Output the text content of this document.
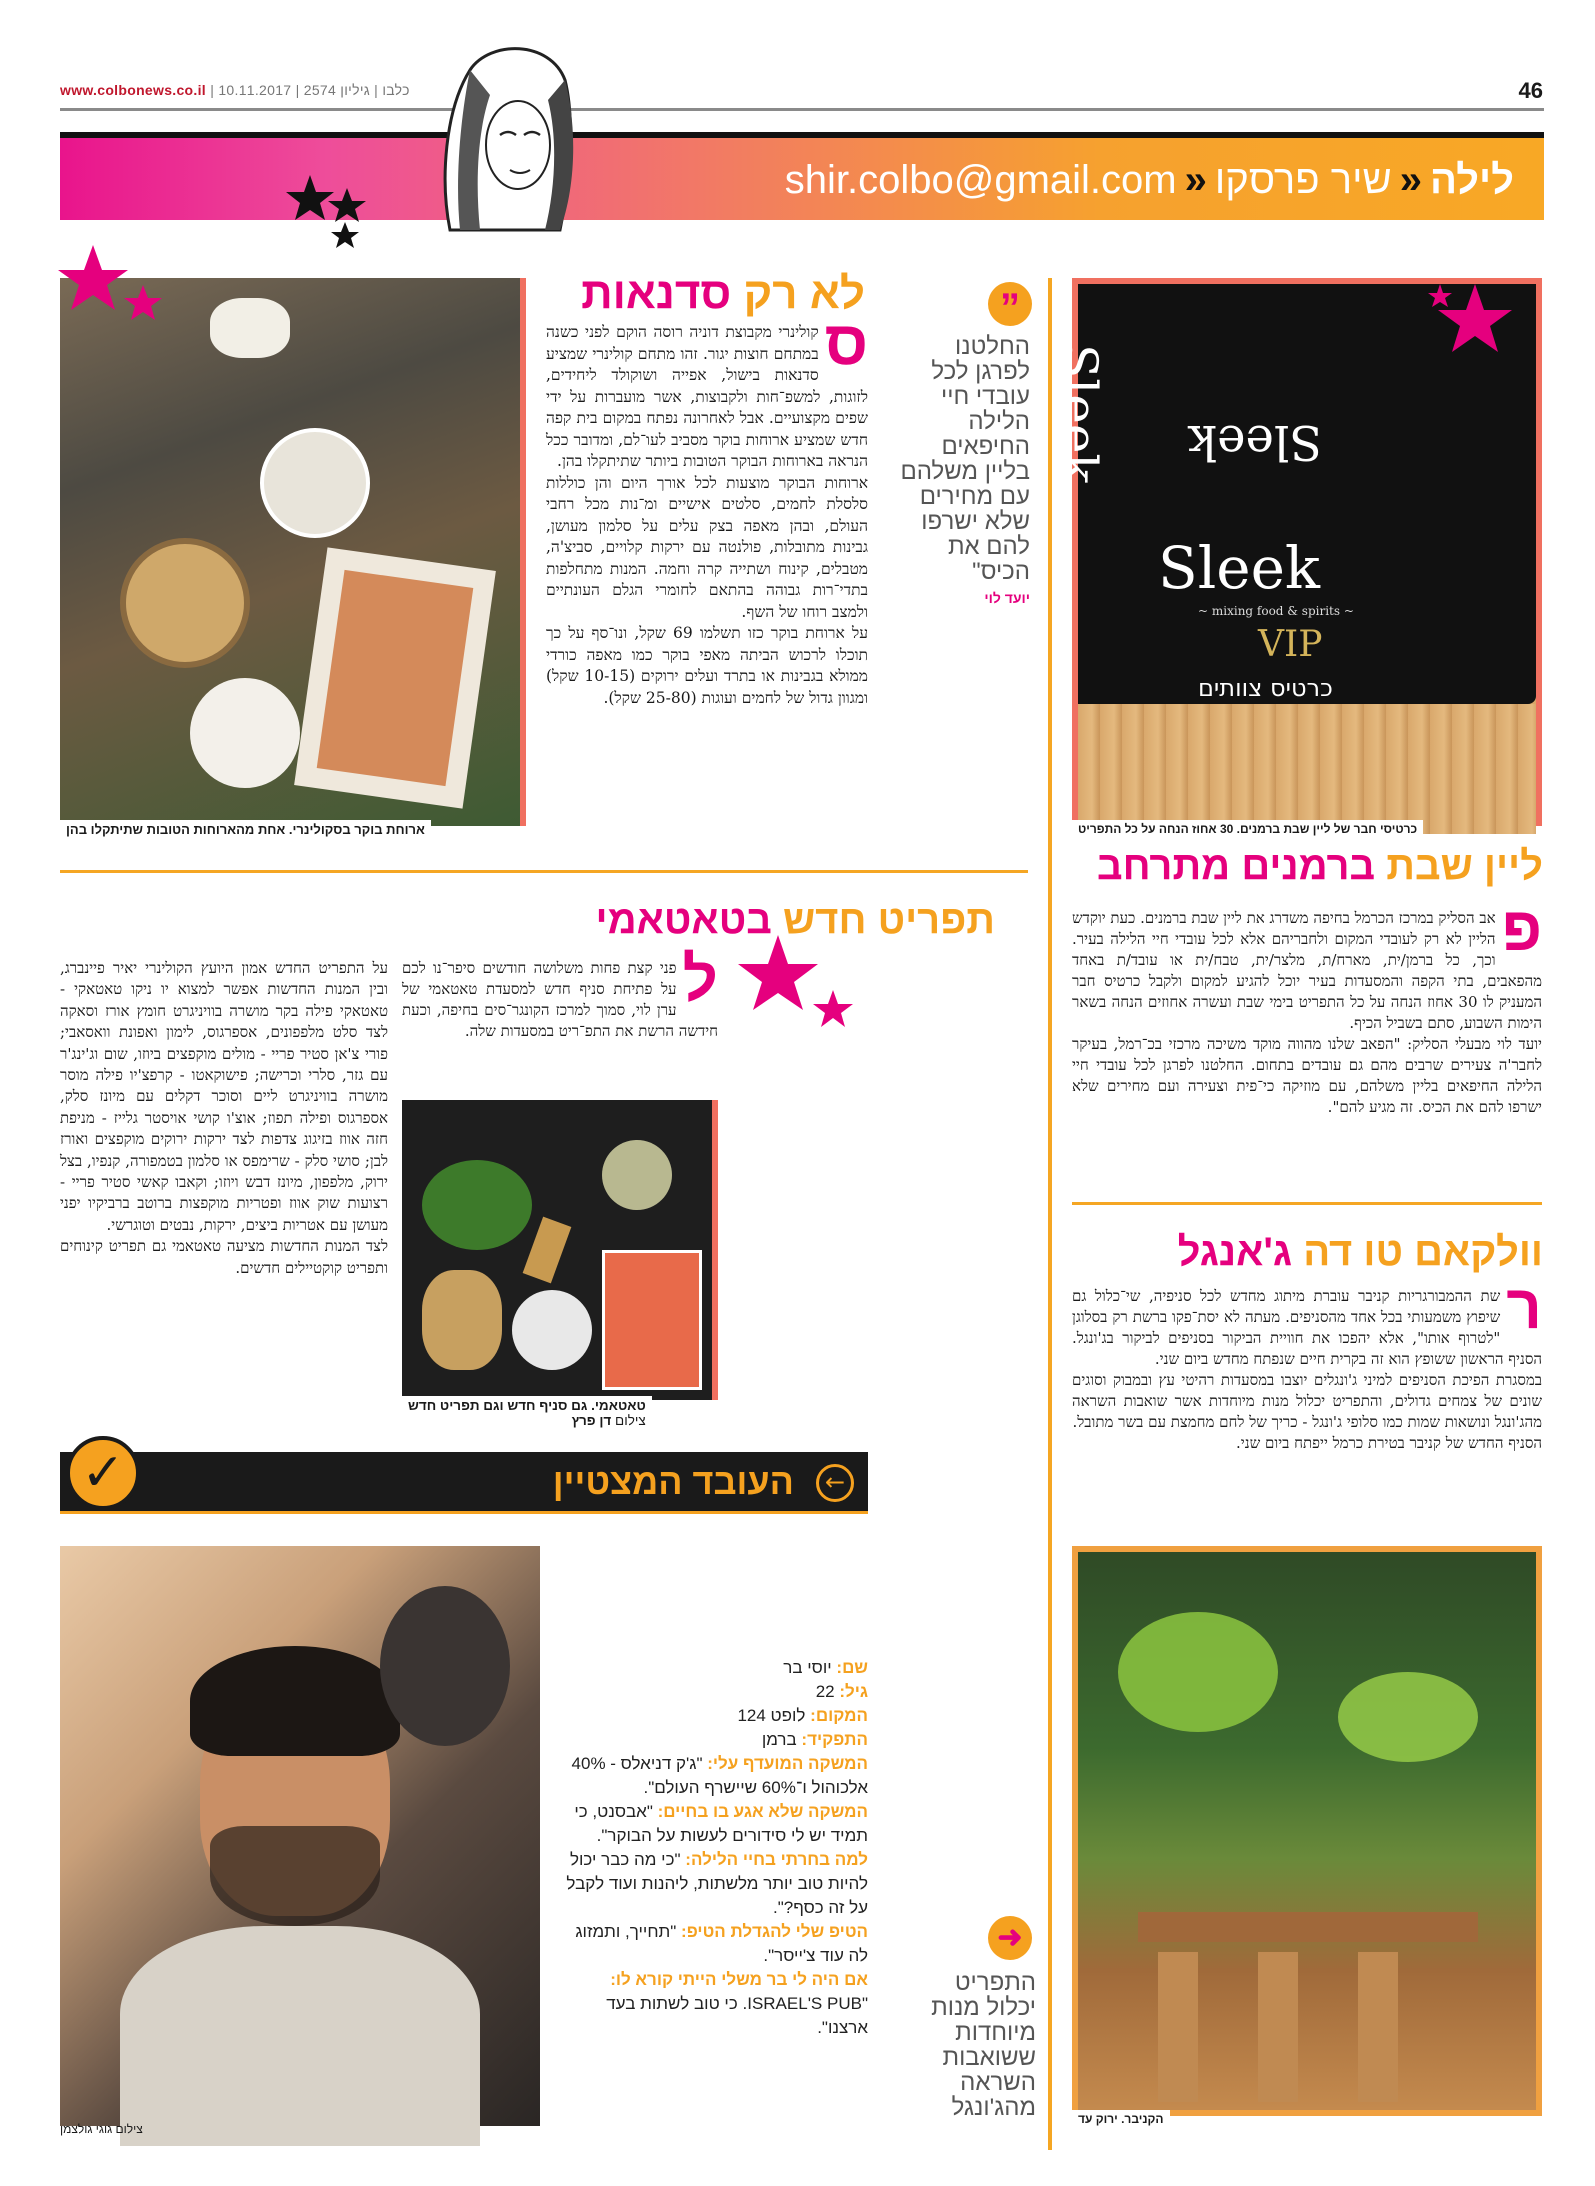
www.colbonews.co.il |	כלבו | גיליון 2574 | 10.11.2017	46
לילה«שיר פרסקו«shir.colbo@gmail.com
ארוחת בוקר בסקולינרי. אחת מהארוחות הטובות שתיתקלו בהן
לא רק סדנאות

ס
קולינרי מקבוצת דוניה רוסה הוקם לפני כשנה במתחם חוצות יגור. זהו מתחם קולינרי שמציע סדנאות בישול, אפייה ושוקולד ליחידים, לזוגות, למשפ־חות ולקבוצות, אשר מועברות על ידי שפים מקצועיים. אבל לאחרונה נפתח במקום בית קפה חדש שמציע ארוחות בוקר מסביב לעו־לם, ומדובר ככל הנראה בארוחות הבוקר הטובות ביותר שתיתקלו בהן.

ארוחות הבוקר מוצעות לכל אורך היום והן כוללות סלסלת לחמים, סלטים אישיים ומ־נות מכל רחבי העולם, ובהן מאפה בצק עלים על סלמון מעושן, גבינות מתובלות, פולנטה עם ירקות קלויים, סביצ'ה, מטבלים, קינוח ושתייה קרה וחמה. המנות מתחלפות בתדי־רות גבוהה בהתאם לחומרי הגלם העונתיים ולמצב רוחו של השף.

על ארוחת בוקר כזו תשלמו 69 שקל, ונו־סף על כך תוכלו לרכוש הביתה מאפי בוקר כמו מאפה כורדי ממולא בגבינות או בתרד ועלים ירוקים (10-15 שקל) ומגוון גדול של לחמים ועוגות (25-80 שקל).

”
החלטנו לפרגן לכל עובדי חיי הלילה החיפאים בליין משלהם עם מחירים שלא ישרפו להם את הכיס"
יועד לוי Sleek
~ mixing food & spirits ~
VIP
כרטיס צוותים
Sleek Sleek
כרטיסי חבר של ליין שבת ברמנים. 30 אחוז הנחה על כל התפריט
ליין שבת ברמנים מתרחב

פ
אב הסליק במרכז הכרמל בחיפה משדרג את ליין שבת ברמנים. כעת יוקדש הליין לא רק לעובדי המקום ולחבריהם אלא לכל עובדי חיי הלילה בעיר. וכך, כל ברמן/ית, מארח/ת, מלצר/ית, טבח/ית או עובד/ת באחד מהפאבים, בתי הקפה והמסעדות בעיר יוכל להגיע למקום ולקבל כרטיס חבר המעניק לו 30 אחוז הנחה על כל התפריט בימי שבת ועשרה אחוזים הנחה בשאר הימות השבוע, סתם בשביל הכיף.

יועד לוי מבעלי הסליק: "הפאב שלנו מהווה מוקד משיכה מרכזי בכ־רמל, בעיקר לחבר'ה צעירים שרבים מהם גם עובדים בתחום. החלטנו לפרגן לכל עובדי חיי הלילה החיפאים בליין משלהם, עם מוזיקה כי־פית וצעירה ועם מחירים שלא ישרפו להם את הכיס. זה מגיע להם".

וולקאם טו דה ג'אנגל

ר
שת ההמבורגריות קניבר עוברת מיתוג מחדש לכל סניפיה, שי־כלול גם שיפוץ משמעותי בכל אחד מהסניפים. מעתה לא יסת־פקו ברשת רק בסלוגן "לטרוף אותו", אלא יהפכו את חוויית הביקור בסניפים לביקור בג'ונגל. הסניף הראשון ששופץ הוא זה בקרית חיים שנפתח מחדש ביום שני.

במסגרת הפיכת הסניפים למיני ג'ונגלים יוצבו במסעדות רהיטי עץ ובמבוק וסוגים שונים של צמחים גדולים, והתפריט יכלול מנות מיוחדות אשר שואבות השראה מהג'ונגל ונושאות שמות כמו סלופי ג'ונגל - כריך של לחם מחמצת עם בשר מתובל.

הסניף החדש של קניבר בטירת כרמל ייפתח ביום שני.

הקניבר. ירוק עד
➜
התפריט יכלול מנות מיוחדות ששואבות השראה מהג'ונגל
תפריט חדש בטאטאמי

ל
פני קצת פחות משלושה חודשים סיפר־נו לכם על פתיחת סניף חדש למסעדת טאטאמי של ערן לוי, סמוך למרכז הקונגר־סים בחיפה, וכעת חידשה הרשת את התפ־ריט במסעדות שלה.

על התפריט החדש אמון היועץ הקולינרי יאיר פיינברג, ובין המנות החדשות אפשר למצוא יו ניקו טאטאקי - טאטאקי פילה בקר מושרה בוויניגרט חומץ אורז וסאקה לצד סלט מלפפונים, אספרגוס, לימון ואפונת וואסאבי; פורי צ'אן סטיר פריי - מולים מוקפצים ביוזו, שום וג'ינג'ר עם גזר, סלרי וכרישה; פישוקאטו - קרפצ'יו פילה מוסר מושרה בוויניגרט ליים וסוכר דקלים עם מיונז סלק, אספרגוס ופילה תפוז; אוצ'ו קושי אויסטר גלייז - מניפת חזה אווז בזיגוג צדפות לצד ירקות ירוקים מוקפצים ואורז לבן; סושי סלק - שרימפס או סלמון בטמפורה, קנפיו, בצל ירוק, מלפפון, מיונז דבש ויוזו; וקאבו קאשי סטיר פריי - רצועות שוק אווז ופטריות מוקפצות ברוטב ברביקיו יפני מעושן עם אטריות ביצים, ירקות, נבטים וטוגרשי.

לצד המנות החדשות מציעה טאטאמי גם תפריט קינוחים ותפריט קוקטיילים חדשים.

טאטאמי. גם סניף חדש וגם תפריט חדש
צילום דן פרץ
העובד המצטיין	←
✓
צילום גוגי גולצמן
שם: יוסי בר
גיל: 22
המקום: לופט 124
התפקיד: ברמן
המשקה המועדף עלי: "ג'ק דניאלס - 40% אלכוהול ו־60% שיישרף העולם".
המשקה שלא אגע בו בחיים: "אבסנט, כי תמיד יש לי סידורים לעשות על הבוקר".
למה בחרתי בחיי הלילה: "כי מה כבר יכול להיות טוב יותר מלשתות, ליהנות ועוד לקבל על זה כסף?".
הטיפ שלי להגדלת הטיפ: "תחייך, ותמזוג לה עוד צ'ייסר".
אם היה לי בר משלי הייתי קורא לו: "ISRAEL'S PUB. כי טוב לשתות בעד ארצנו".
